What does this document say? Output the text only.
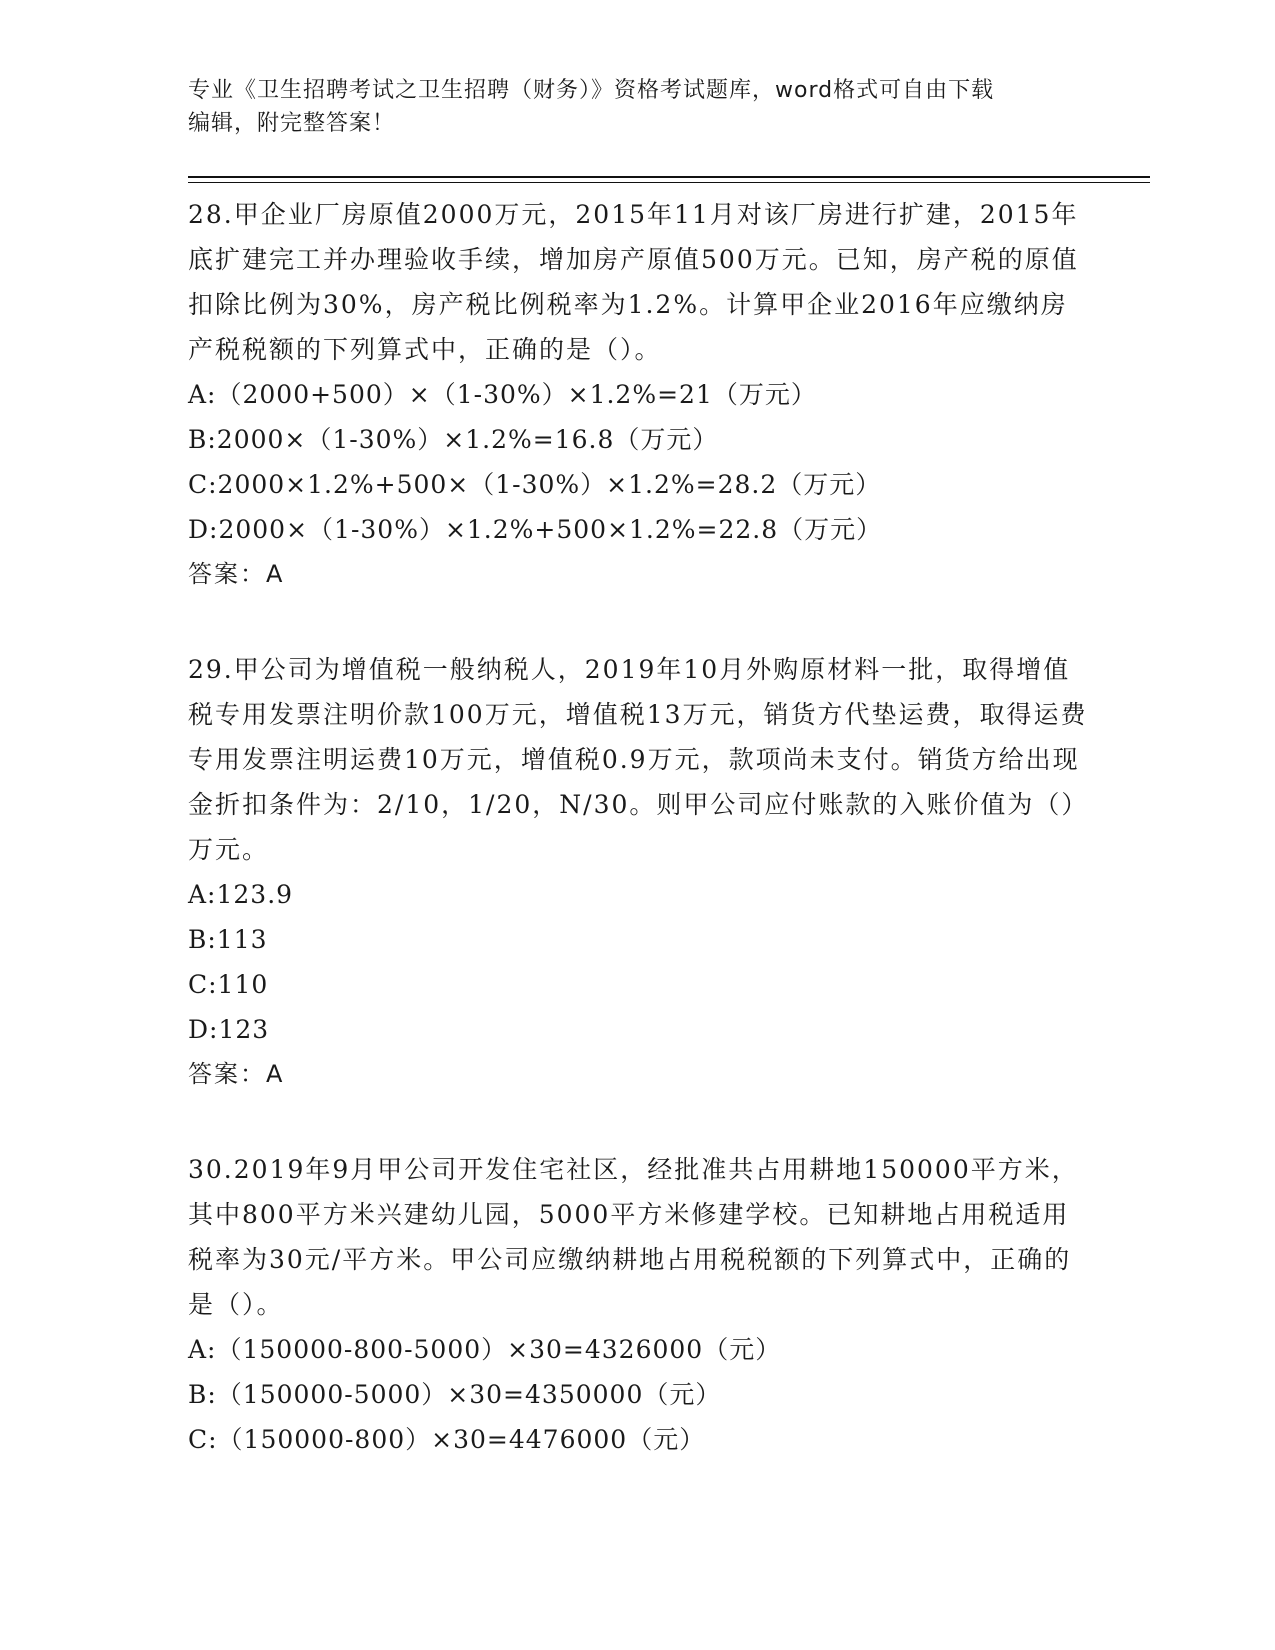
专业《卫生招聘考试之卫生招聘（财务）》资格考试题库，word格式可自由下载
编辑，附完整答案！

28.甲企业厂房原值2000万元，2015年11月对该厂房进行扩建，2015年底扩建完工并办理验收手续，增加房产原值500万元。已知，房产税的原值扣除比例为30%，房产税比例税率为1.2%。计算甲企业2016年应缴纳房产税税额的下列算式中，正确的是（）。

A:（2000+500）×（1-30%）×1.2%=21（万元）

B:2000×（1-30%）×1.2%=16.8（万元）

C:2000×1.2%+500×（1-30%）×1.2%=28.2（万元）

D:2000×（1-30%）×1.2%+500×1.2%=22.8（万元）

答案：A

29.甲公司为增值税一般纳税人，2019年10月外购原材料一批，取得增值税专用发票注明价款100万元，增值税13万元，销货方代垫运费，取得运费专用发票注明运费10万元，增值税0.9万元，款项尚未支付。销货方给出现金折扣条件为：2/10，1/20，N/30。则甲公司应付账款的入账价值为（）万元。

A:123.9

B:113

C:110

D:123

答案：A

30.2019年9月甲公司开发住宅社区，经批准共占用耕地150000平方米，其中800平方米兴建幼儿园，5000平方米修建学校。已知耕地占用税适用税率为30元/平方米。甲公司应缴纳耕地占用税税额的下列算式中，正确的是（）。

A:（150000-800-5000）×30=4326000（元）

B:（150000-5000）×30=4350000（元）

C:（150000-800）×30=4476000（元）
